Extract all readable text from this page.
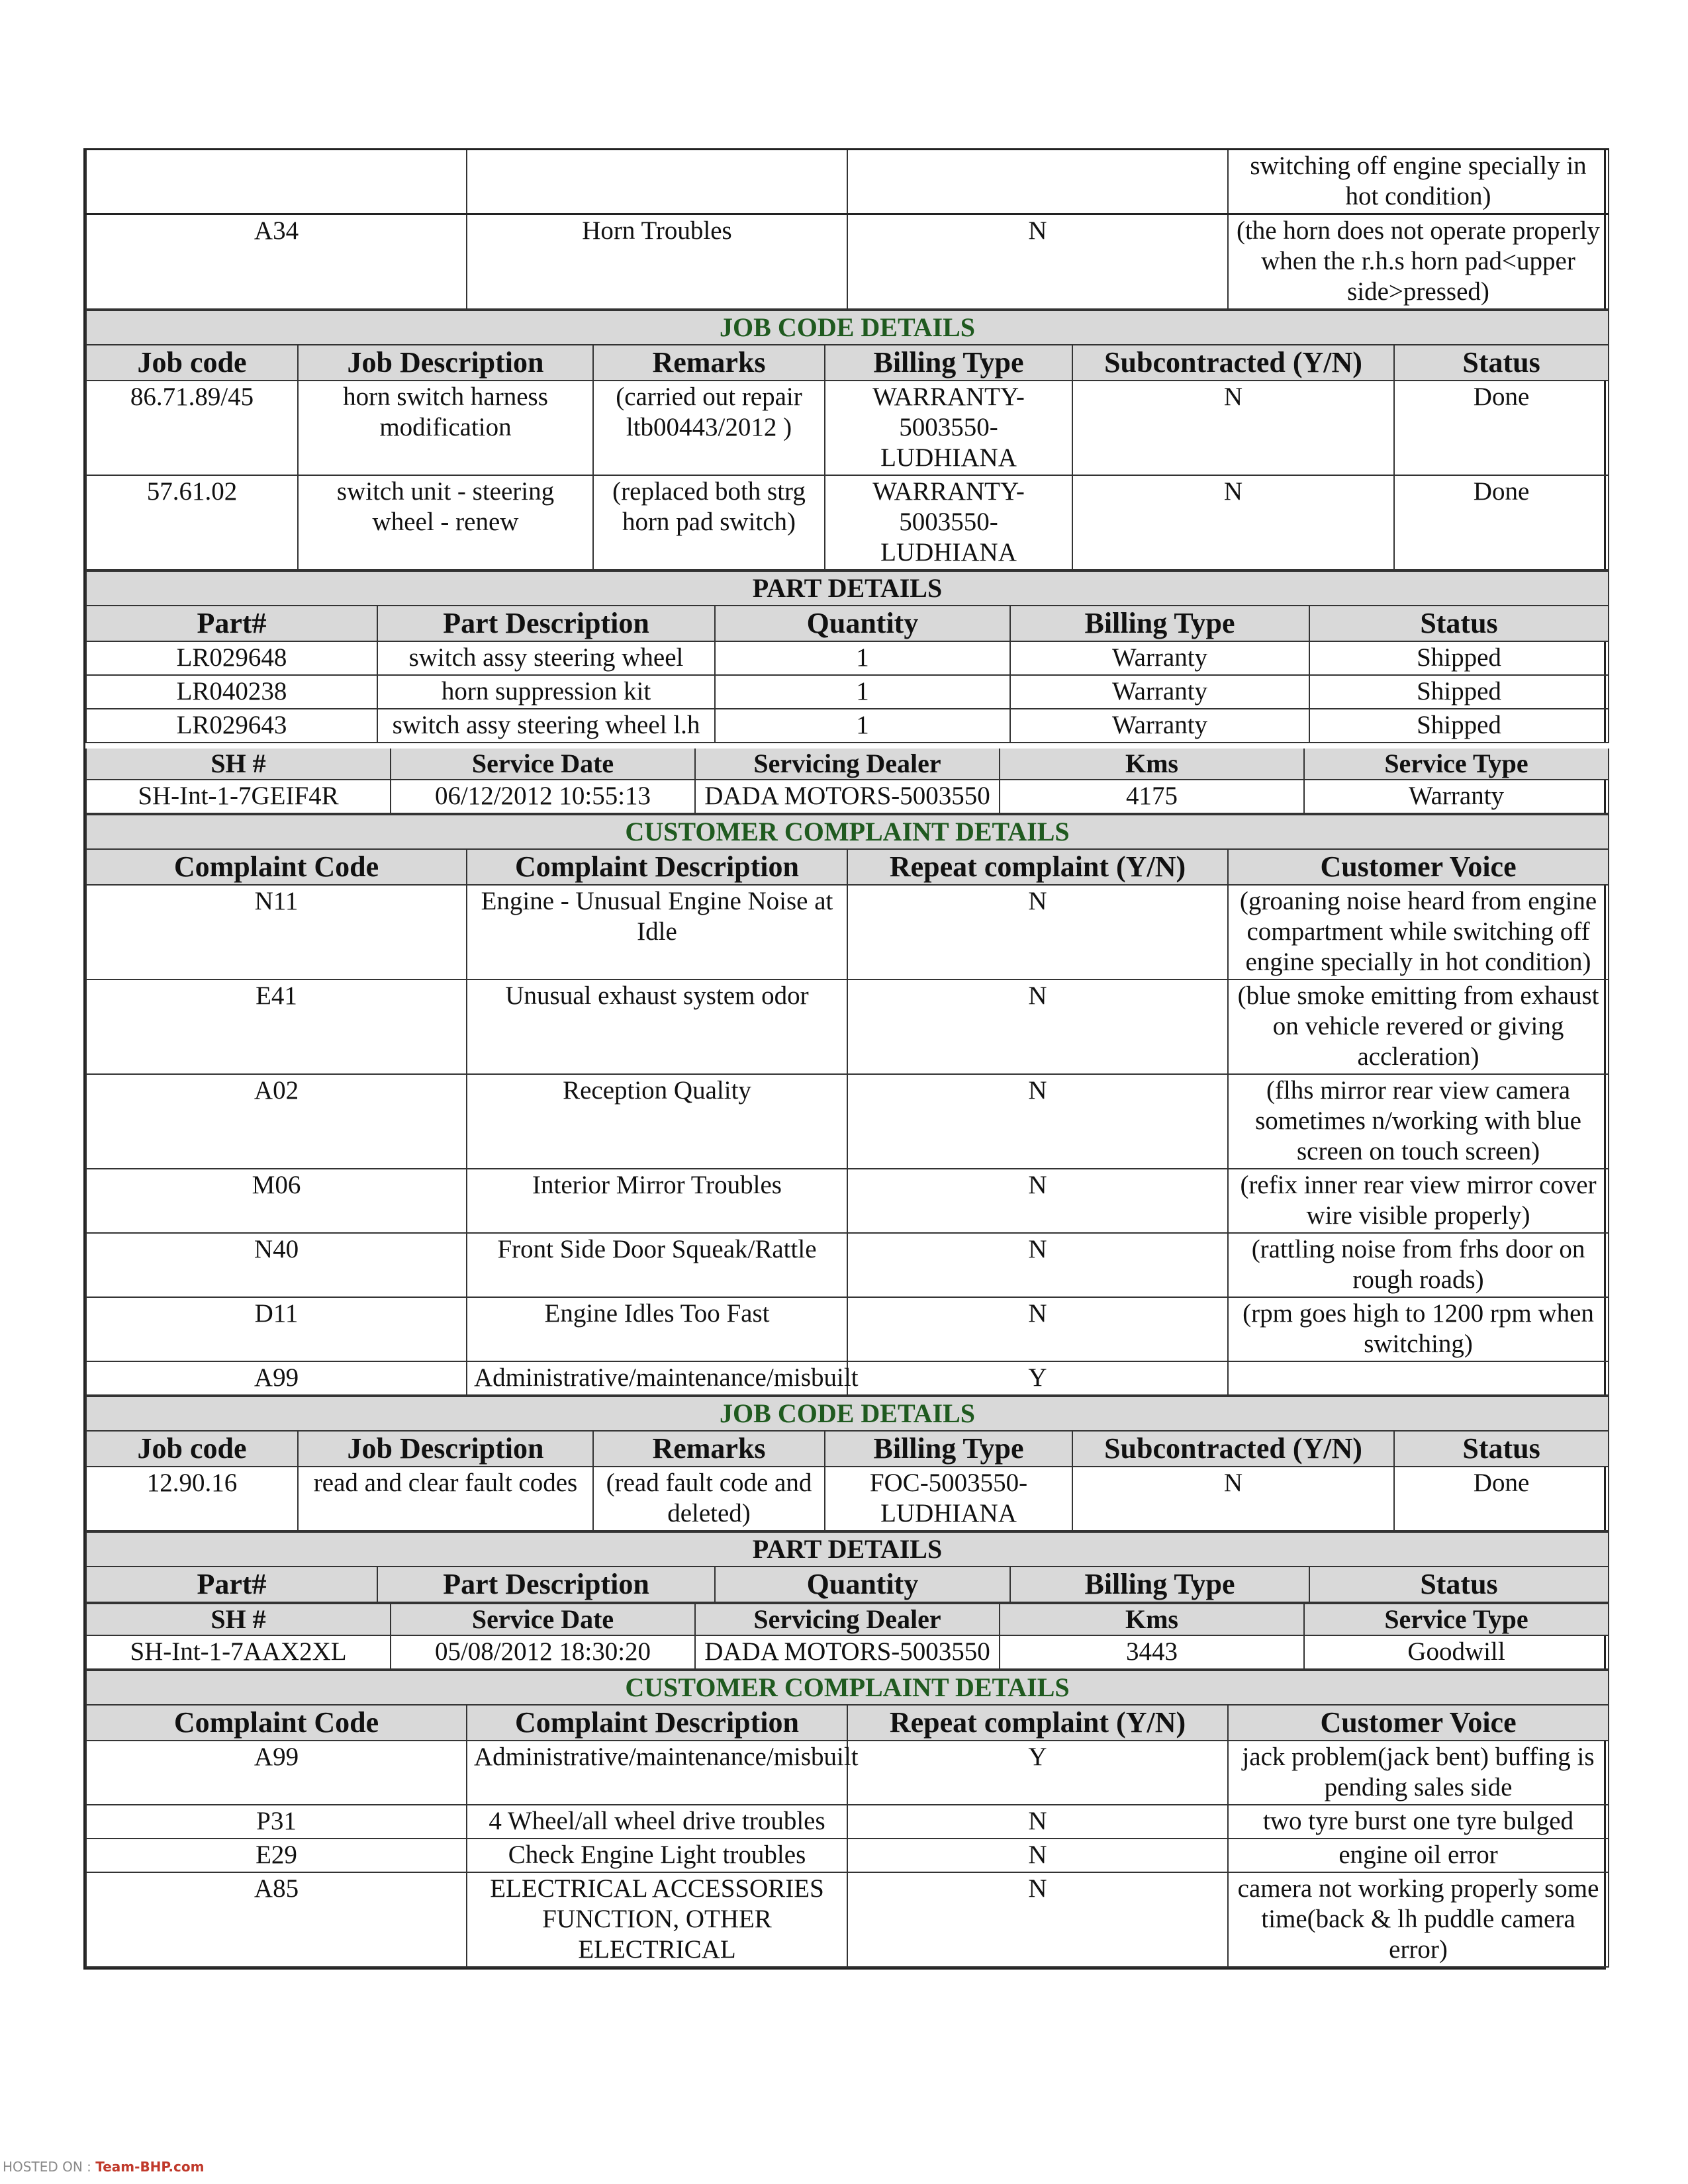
			switching off engine specially in hot condition)
A34	Horn Troubles	N	(the horn does not operate properly when the r.h.s horn pad<upper side>pressed)
JOB CODE DETAILS					
Job code	Job Description	Remarks	Billing Type	Subcontracted (Y/N)	Status
86.71.89/45	horn switch harness modification	(carried out repair ltb00443/2012 )	WARRANTY-5003550-LUDHIANA	N	Done
57.61.02	switch unit - steering wheel - renew	(replaced both strg horn pad switch)	WARRANTY-5003550-LUDHIANA	N	Done
PART DETAILS				
Part#	Part Description	Quantity	Billing Type	Status
LR029648	switch assy steering wheel	1	Warranty	Shipped
LR040238	horn suppression kit	1	Warranty	Shipped
LR029643	switch assy steering wheel l.h	1	Warranty	Shipped
SH #	Service Date	Servicing Dealer	Kms	Service Type
SH-Int-1-7GEIF4R	06/12/2012 10:55:13	DADA MOTORS-5003550	4175	Warranty
CUSTOMER COMPLAINT DETAILS			
Complaint Code	Complaint Description	Repeat complaint (Y/N)	Customer Voice
N11	Engine - Unusual Engine Noise at Idle	N	(groaning noise heard from engine compartment while switching off engine specially in hot condition)
E41	Unusual exhaust system odor	N	(blue smoke emitting from exhaust on vehicle revered or giving accleration)
A02	Reception Quality	N	(flhs mirror rear view camera sometimes n/working with blue screen on touch screen)
M06	Interior Mirror Troubles	N	(refix inner rear view mirror cover wire visible properly)
N40	Front Side Door Squeak/Rattle	N	(rattling noise from frhs door on rough roads)
D11	Engine Idles Too Fast	N	(rpm goes high to 1200 rpm when switching)
A99	Administrative/maintenance/misbuilt	Y	
JOB CODE DETAILS					
Job code	Job Description	Remarks	Billing Type	Subcontracted (Y/N)	Status
12.90.16	read and clear fault codes	(read fault code and deleted)	FOC-5003550-LUDHIANA	N	Done
PART DETAILS
Part#	Part Description	Quantity	Billing Type	Status
SH #	Service Date	Servicing Dealer	Kms	Service Type
SH-Int-1-7AAX2XL	05/08/2012 18:30:20	DADA MOTORS-5003550	3443	Goodwill
CUSTOMER COMPLAINT DETAILS			
Complaint Code	Complaint Description	Repeat complaint (Y/N)	Customer Voice
A99	Administrative/maintenance/misbuilt	Y	jack problem(jack bent) buffing is pending sales side
P31	4 Wheel/all wheel drive troubles	N	two tyre burst one tyre bulged
E29	Check Engine Light troubles	N	engine oil error
A85	ELECTRICAL ACCESSORIES FUNCTION, OTHER ELECTRICAL	N	camera not working properly some time(back & lh puddle camera error)
HOSTED ON : Team-BHP.com
